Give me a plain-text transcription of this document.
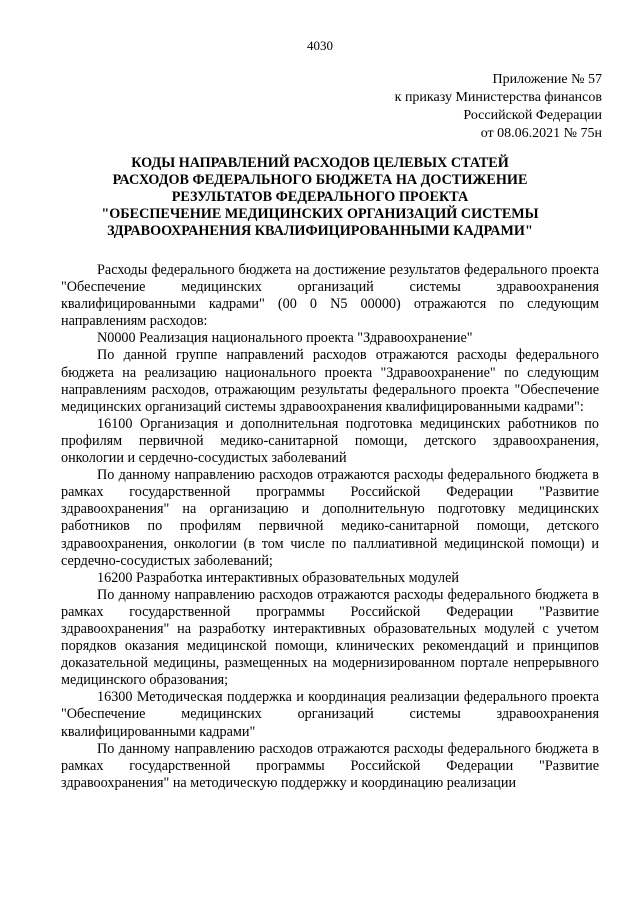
4030
Приложение № 57
к приказу Министерства финансов
Российской Федерации
от 08.06.2021 № 75н
КОДЫ НАПРАВЛЕНИЙ РАСХОДОВ ЦЕЛЕВЫХ СТАТЕЙ
РАСХОДОВ ФЕДЕРАЛЬНОГО БЮДЖЕТА НА ДОСТИЖЕНИЕ
РЕЗУЛЬТАТОВ ФЕДЕРАЛЬНОГО ПРОЕКТА
"ОБЕСПЕЧЕНИЕ МЕДИЦИНСКИХ ОРГАНИЗАЦИЙ СИСТЕМЫ
ЗДРАВООХРАНЕНИЯ КВАЛИФИЦИРОВАННЫМИ КАДРАМИ"

Расходы федерального бюджета на достижение результатов федерального проекта "Обеспечение медицинских организаций системы здравоохранения квалифицированными кадрами" (00 0 N5 00000) отражаются по следующим направлениям расходов:

N0000 Реализация национального проекта "Здравоохранение"

По данной группе направлений расходов отражаются расходы федерального бюджета на реализацию национального проекта "Здравоохранение" по следующим направлениям расходов, отражающим результаты федерального проекта "Обеспечение медицинских организаций системы здравоохранения квалифицированными кадрами":

16100 Организация и дополнительная подготовка медицинских работников по профилям первичной медико-санитарной помощи, детского здравоохранения, онкологии и сердечно-сосудистых заболеваний

По данному направлению расходов отражаются расходы федерального бюджета в рамках государственной программы Российской Федерации "Развитие здравоохранения" на организацию и дополнительную подготовку медицинских работников по профилям первичной медико-санитарной помощи, детского здравоохранения, онкологии (в том числе по паллиативной медицинской помощи) и сердечно-сосудистых заболеваний;

16200 Разработка интерактивных образовательных модулей

По данному направлению расходов отражаются расходы федерального бюджета в рамках государственной программы Российской Федерации "Развитие здравоохранения" на разработку интерактивных образовательных модулей с учетом порядков оказания медицинской помощи, клинических рекомендаций и принципов доказательной медицины, размещенных на модернизированном портале непрерывного медицинского образования;

16300 Методическая поддержка и координация реализации федерального проекта "Обеспечение медицинских организаций системы здравоохранения квалифицированными кадрами"

По данному направлению расходов отражаются расходы федерального бюджета в рамках государственной программы Российской Федерации "Развитие здравоохранения" на методическую поддержку и координацию реализации
